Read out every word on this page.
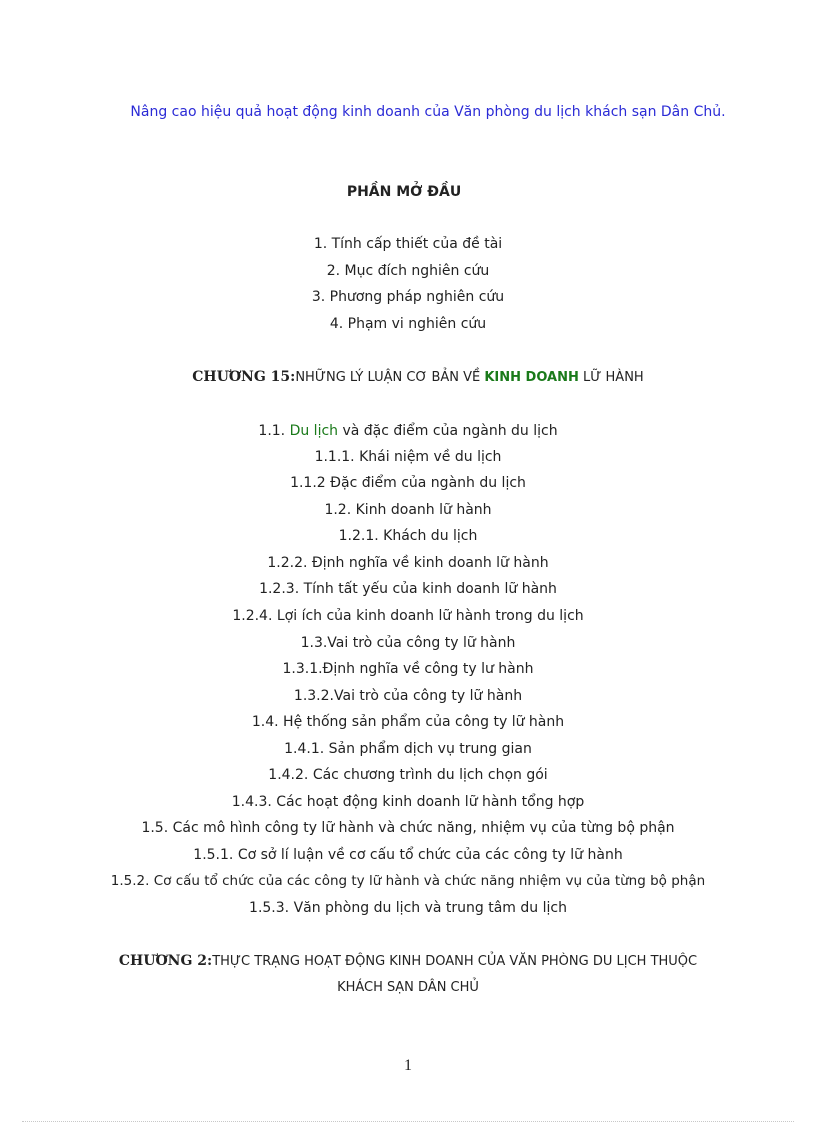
Nâng cao hiệu quả hoạt động kinh doanh của Văn phòng du lịch khách sạn Dân Chủ.
PHẦN MỞ ĐẦU
1. Tính cấp thiết của đề tài
2. Mục đích nghiên cứu
3. Phương pháp nghiên cứu
4. Phạm vi nghiên cứu
CHƯƠNG 15:NHỮNG LÝ LUẬN CƠ BẢN VỀ KINH DOANH LỮ HÀNH
1.1. Du lịch và đặc điểm của ngành du lịch
1.1.1. Khái niệm về du lịch
1.1.2 Đặc điểm của ngành du lịch
1.2. Kinh doanh lữ hành
1.2.1. Khách du lịch
1.2.2. Định nghĩa về kinh doanh lữ hành
1.2.3. Tính tất yếu của kinh doanh lữ hành
1.2.4. Lợi ích của kinh doanh lữ hành trong du lịch
1.3.Vai trò của công ty lữ hành
1.3.1.Định nghĩa về công ty lư hành
1.3.2.Vai trò của công ty lữ hành
1.4. Hệ thống sản phẩm của công ty lữ hành
1.4.1. Sản phẩm dịch vụ trung gian
1.4.2. Các chương trình du lịch chọn gói
1.4.3. Các hoạt động kinh doanh lữ hành tổng hợp
1.5. Các mô hình công ty lữ hành và chức năng, nhiệm vụ của từng bộ phận
1.5.1. Cơ sở lí luận về cơ cấu tổ chức của các công ty lữ hành
1.5.2. Cơ cấu tổ chức của các công ty lữ hành và chức năng nhiệm vụ của từng bộ phận
1.5.3. Văn phòng du lịch và trung tâm du lịch
CHƯƠNG 2:THỰC TRẠNG HOẠT ĐỘNG KINH DOANH CỦA VĂN PHÒNG DU LỊCH THUỘC
KHÁCH SẠN DÂN CHỦ
1
